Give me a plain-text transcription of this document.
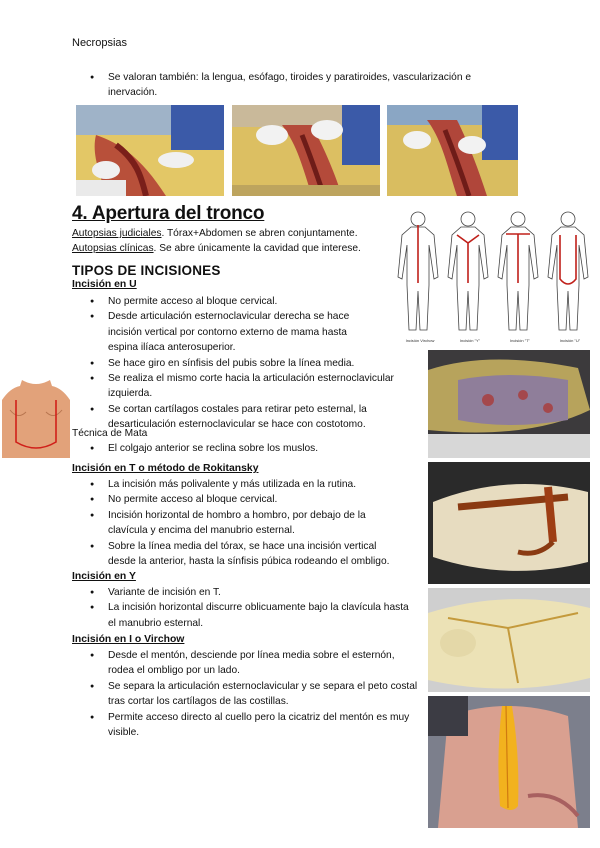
Necropsias
● Se valoran también: la lengua, esófago, tiroides y paratiroides, vascularización e inervación.
4. Apertura del tronco
Autopsias judiciales. Tórax+Abdomen se abren conjuntamente.
Autopsias clínicas. Se abre únicamente la cavidad que interese.
Incisión Virchow	Incisión "Y"	Incisión "T"	Incisión "U"
TIPOS DE INCISIONES
Incisión en U
● No permite acceso al bloque cervical.
● Desde articulación esternoclavicular derecha se hace incisión vertical por contorno externo de mama hasta espina ilíaca anterosuperior.
● Se hace giro en sínfisis del pubis sobre la línea media.
● Se realiza el mismo corte hacia la articulación esternoclavicular izquierda.
● Se cortan cartílagos costales para retirar peto esternal, la desarticulación esternoclavicular se hace con costotomo.
Técnica de Mata
● El colgajo anterior se reclina sobre los muslos.
Incisión en T o método de Rokitansky
● La incisión más polivalente y más utilizada en la rutina.
● No permite acceso al bloque cervical.
● Incisión horizontal de hombro a hombro, por debajo de la clavícula y encima del manubrio esternal.
● Sobre la línea media del tórax, se hace una incisión vertical desde la anterior, hasta la sínfisis púbica rodeando el ombligo.
Incisión en Y
● Variante de incisión en T.
● La incisión horizontal discurre oblicuamente bajo la clavícula hasta el manubrio esternal.
Incisión en I o Virchow
● Desde el mentón, desciende por línea media sobre el esternón, rodea el ombligo por un lado.
● Se separa la articulación esternoclavicular y se separa el peto costal tras cortar los cartílagos de las costillas.
● Permite acceso directo al cuello pero la cicatriz del mentón es muy visible.
